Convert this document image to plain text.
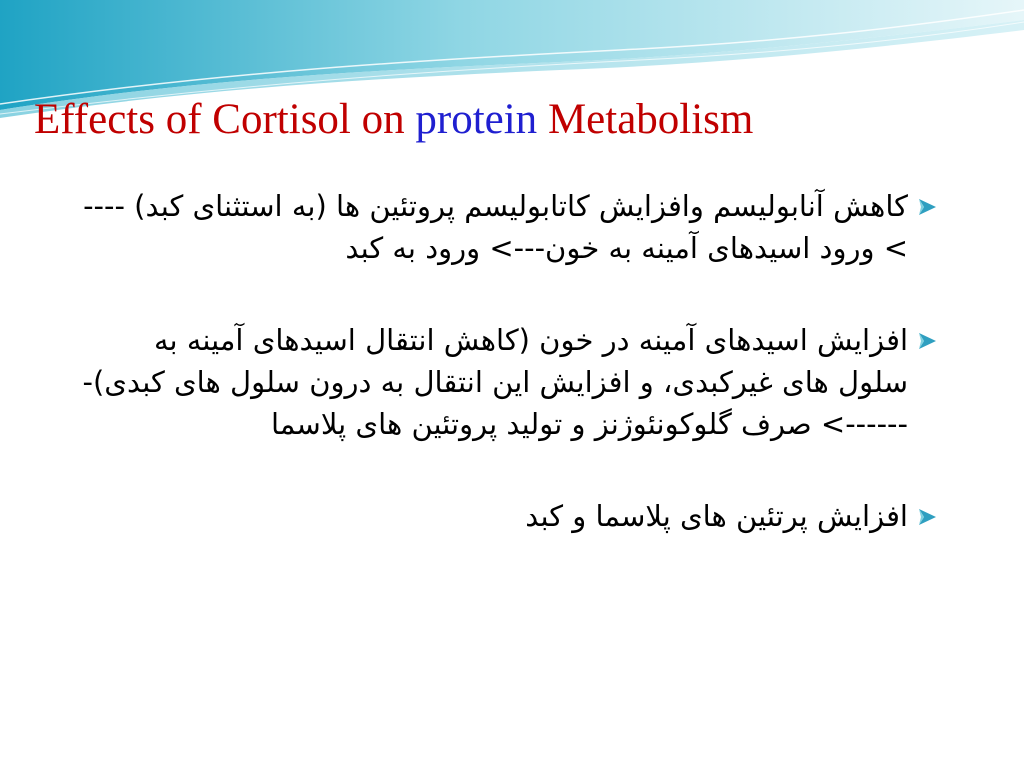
Effects of Cortisol on protein Metabolism
کاهش آنابولیسم وافزایش کاتابولیسم پروتئین ها (به استثنای کبد) ----> ورود اسیدهای آمینه به خون---> ورود به کبد
افزایش اسیدهای آمینه در خون (کاهش انتقال اسیدهای آمینه به سلول های غیرکبدی، و افزایش این انتقال به درون سلول های کبدی)-------> صرف گلوکونئوژنز و تولید پروتئین های پلاسما
افزایش پرتئین های پلاسما و کبد
